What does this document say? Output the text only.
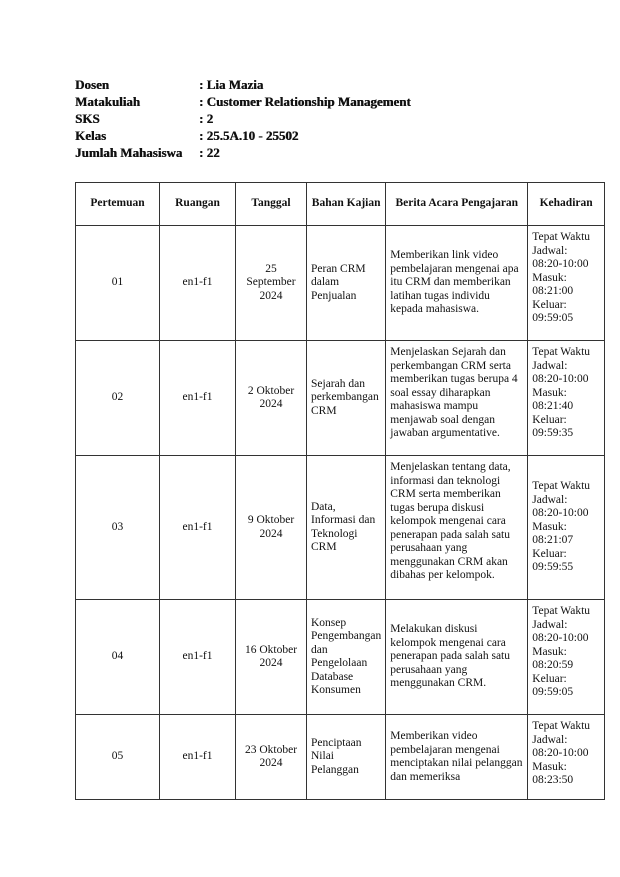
Dosen	: Lia Mazia
Matakuliah	: Customer Relationship Management
SKS	: 2
Kelas	: 25.5A.10 - 25502
Jumlah Mahasiswa	: 22
Pertemuan	Ruangan	Tanggal	Bahan Kajian	Berita Acara Pengajaran	Kehadiran
01	en1-f1	25 September 2024	Peran CRM dalam Penjualan	Memberikan link video pembelajaran mengenai apa itu CRM dan memberikan latihan tugas individu kepada mahasiswa.	Tepat Waktu Jadwal: 08:20-10:00 Masuk: 08:21:00 Keluar: 09:59:05
02	en1-f1	2 Oktober 2024	Sejarah dan perkembangan CRM	Menjelaskan Sejarah dan perkembangan CRM serta memberikan tugas berupa 4 soal essay diharapkan mahasiswa mampu menjawab soal dengan jawaban argumentative.	Tepat Waktu Jadwal: 08:20-10:00 Masuk: 08:21:40 Keluar: 09:59:35
03	en1-f1	9 Oktober 2024	Data, Informasi dan Teknologi CRM	Menjelaskan tentang data, informasi dan teknologi CRM serta memberikan tugas berupa diskusi kelompok mengenai cara penerapan pada salah satu perusahaan yang menggunakan CRM akan dibahas per kelompok.	Tepat Waktu Jadwal: 08:20-10:00 Masuk: 08:21:07 Keluar: 09:59:55
04	en1-f1	16 Oktober 2024	Konsep Pengembangan dan Pengelolaan Database Konsumen	Melakukan diskusi kelompok mengenai cara penerapan pada salah satu perusahaan yang menggunakan CRM.	Tepat Waktu Jadwal: 08:20-10:00 Masuk: 08:20:59 Keluar: 09:59:05
05	en1-f1	23 Oktober 2024	Penciptaan Nilai Pelanggan	Memberikan video pembelajaran mengenai menciptakan nilai pelanggan dan memeriksa	Tepat Waktu Jadwal: 08:20-10:00 Masuk: 08:23:50
